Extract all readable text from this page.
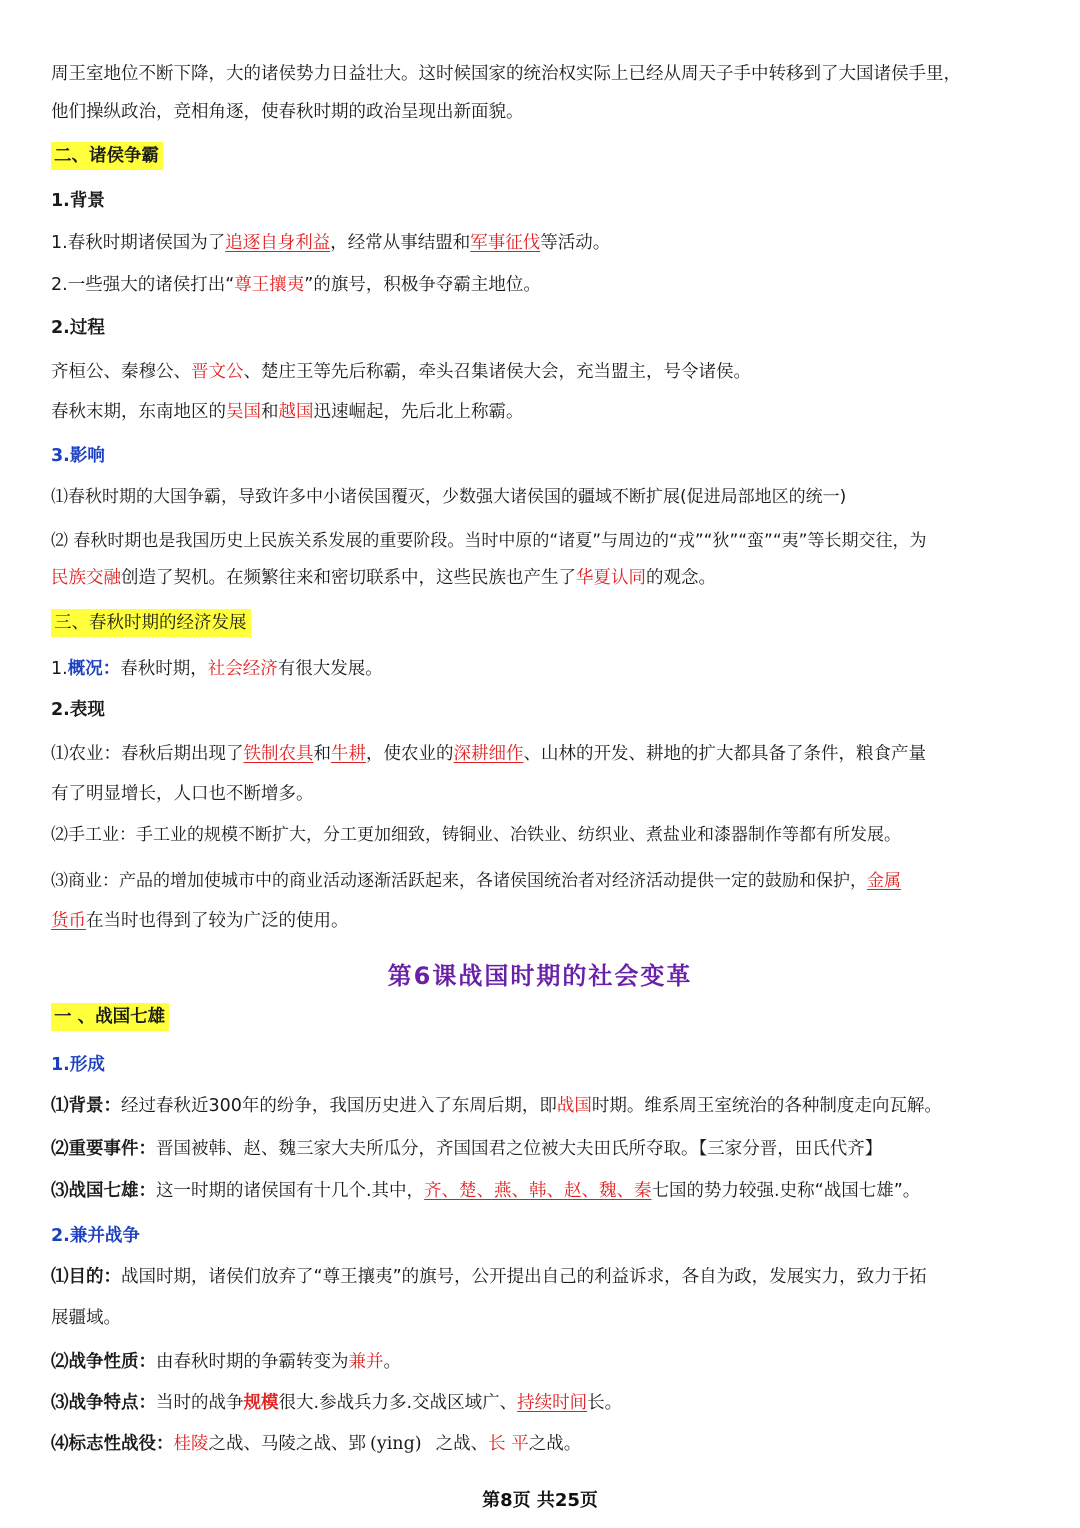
周王室地位不断下降，大的诸侯势力日益壮大。这时候国家的统治权实际上已经从周天子手中转移到了大国诸侯手里，
他们操纵政治，竞相角逐，使春秋时期的政治呈现出新面貌。
二、诸侯争霸
1.背景
1.春秋时期诸侯国为了追逐自身利益，经常从事结盟和军事征伐等活动。
2.一些强大的诸侯打出“尊王攘夷”的旗号，积极争夺霸主地位。
2.过程
齐桓公、秦穆公、晋文公、楚庄王等先后称霸，牵头召集诸侯大会，充当盟主，号令诸侯。
春秋末期，东南地区的吴国和越国迅速崛起，先后北上称霸。
3.影响
⑴春秋时期的大国争霸，导致许多中小诸侯国覆灭，少数强大诸侯国的疆域不断扩展(促进局部地区的统一)
⑵ 春秋时期也是我国历史上民族关系发展的重要阶段。当时中原的“诸夏”与周边的“戎”“狄”“蛮”“夷”等长期交往，为
民族交融创造了契机。在频繁往来和密切联系中，这些民族也产生了华夏认同的观念。
三、春秋时期的经济发展
1.概况：春秋时期，社会经济有很大发展。
2.表现
⑴农业：春秋后期出现了铁制农具和牛耕，使农业的深耕细作、山林的开发、耕地的扩大都具备了条件，粮食产量
有了明显增长，人口也不断增多。
⑵手工业：手工业的规模不断扩大，分工更加细致，铸铜业、冶铁业、纺织业、煮盐业和漆器制作等都有所发展。
⑶商业：产品的增加使城市中的商业活动逐渐活跃起来，各诸侯国统治者对经济活动提供一定的鼓励和保护，金属
货币在当时也得到了较为广泛的使用。
第6课战国时期的社会变革
一 、战国七雄
1.形成
⑴背景：经过春秋近300年的纷争，我国历史进入了东周后期，即战国时期。维系周王室统治的各种制度走向瓦解。
⑵重要事件：晋国被韩、赵、魏三家大夫所瓜分，齐国国君之位被大夫田氏所夺取。【三家分晋，田氏代齐】
⑶战国七雄：这一时期的诸侯国有十几个.其中，齐、楚、燕、韩、赵、魏、秦七国的势力较强.史称“战国七雄”。
2.兼并战争
⑴目的：战国时期，诸侯们放弃了“尊王攘夷”的旗号，公开提出自己的利益诉求，各自为政，发展实力，致力于拓
展疆域。
⑵战争性质：由春秋时期的争霸转变为兼并。
⑶战争特点：当时的战争规模很大.参战兵力多.交战区域广、持续时间长。
⑷标志性战役：桂陵之战、马陵之战、郢 (ying) 之战、长 平之战。
第8页 共25页
